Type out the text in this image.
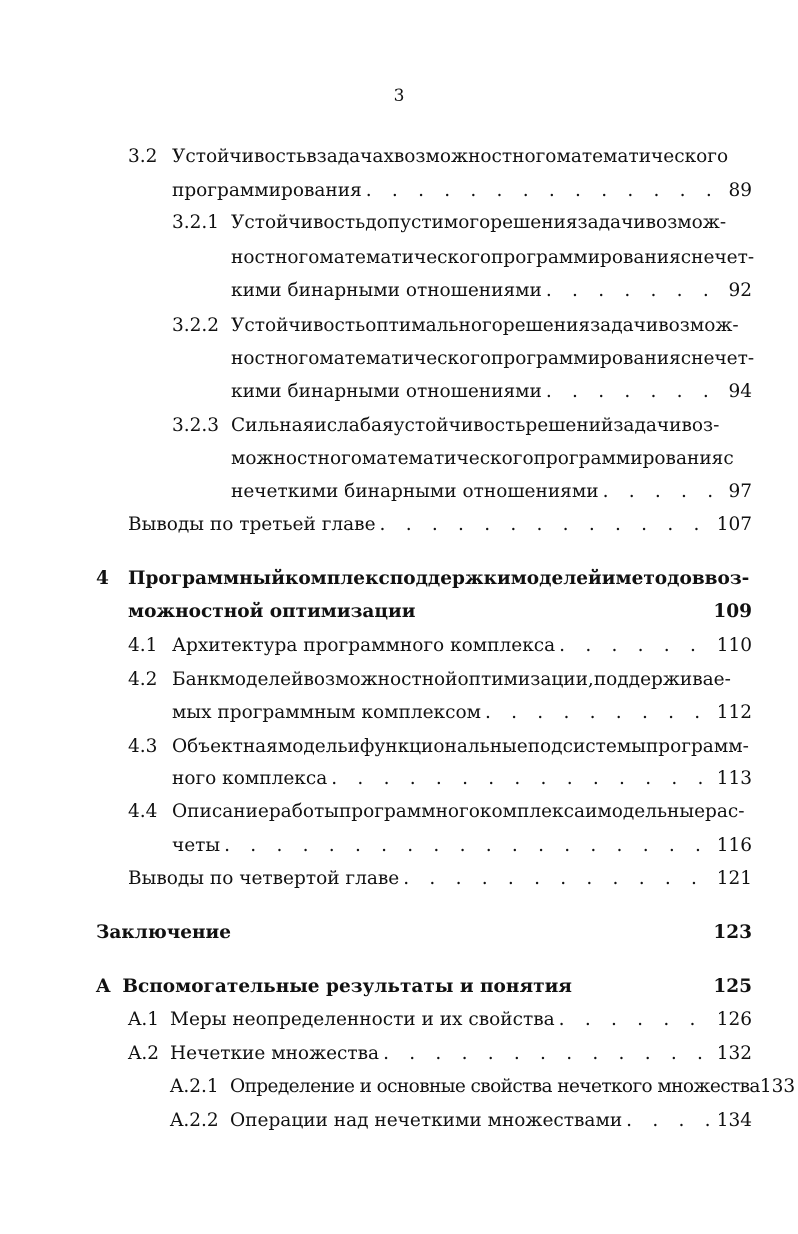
3
3.2 Устойчивость в задачах возможностного математического
программирования . . .	89
3.2.1 Устойчивость допустимого решения задачи возмож-
ностного математического программирования с нечет-
кими бинарными отношениями . . .	92
3.2.2 Устойчивость оптимального решения задачи возмож-
ностного математического программирования с нечет-
кими бинарными отношениями . . .	94
3.2.3 Сильная и слабая устойчивость решений задачи воз-
можностного математического программирования с
нечеткими бинарными отношениями . . .	97
Выводы по третьей главе . . .	107
4 Программный комплекс поддержки моделей и методов воз-
можностной оптимизации	109
4.1 Архитектура программного комплекса . . .	110
4.2 Банк моделей возможностной оптимизации, поддерживае-
мых программным комплексом . . .	112
4.3 Объектная модель и функциональные подсистемы программ-
ного комплекса . . .	113
4.4 Описание работы программного комплекса и модельные рас-
четы . . .	116
Выводы по четвертой главе . . .	121
Заключение	123
A Вспомогательные результаты и понятия	125
A.1 Меры неопределенности и их свойства . . .	126
A.2 Нечеткие множества . . .	132
A.2.1 Определение и основные свойства нечеткого множества 133
A.2.2 Операции над нечеткими множествами . . .	134
